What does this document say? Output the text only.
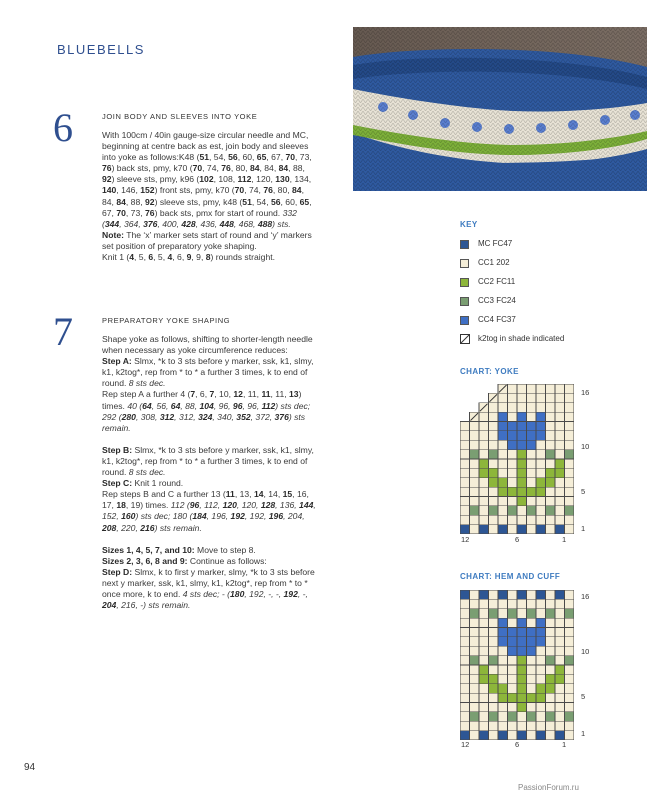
BLUEBELLS
6	JOIN BODY AND SLEEVES INTO YOKE

With 100cm / 40in gauge-size circular needle and MC, beginning at centre back as est, join body and sleeves into yoke as follows:K48 (51, 54, 56, 60, 65, 67, 70, 73, 76) back sts, pmy, k70 (70, 74, 76, 80, 84, 84, 84, 88, 92) sleeve sts, pmy, k96 (102, 108, 112, 120, 130, 134, 140, 146, 152) front sts, pmy, k70 (70, 74, 76, 80, 84, 84, 84, 88, 92) sleeve sts, pmy, k48 (51, 54, 56, 60, 65, 67, 70, 73, 76) back sts, pmx for start of round. 332 (344, 364, 376, 400, 428, 436, 448, 468, 488) sts.
Note: The ‘x’ marker sets start of round and ‘y’ markers set position of preparatory yoke shaping.
Knit 1 (4, 5, 6, 5, 4, 6, 9, 9, 8) rounds straight.

7	PREPARATORY YOKE SHAPING

Shape yoke as follows, shifting to shorter-length needle when necessary as yoke circumference reduces:
Step A: Slmx, *k to 3 sts before y marker, ssk, k1, slmy, k1, k2tog*, rep from * to * a further 3 times, k to end of round. 8 sts dec.
Rep step A a further 4 (7, 6, 7, 10, 12, 11, 11, 11, 13) times. 40 (64, 56, 64, 88, 104, 96, 96, 96, 112) sts dec; 292 (280, 308, 312, 312, 324, 340, 352, 372, 376) sts remain.

Step B: Slmx, *k to 3 sts before y marker, ssk, k1, slmy, k1, k2tog*, rep from * to * a further 3 times, k to end of round. 8 sts dec.
Step C: Knit 1 round.
Rep steps B and C a further 13 (11, 13, 14, 14, 15, 16, 17, 18, 19) times. 112 (96, 112, 120, 120, 128, 136, 144, 152, 160) sts dec; 180 (184, 196, 192, 192, 196, 204, 208, 220, 216) sts remain.

Sizes 1, 4, 5, 7, and 10: Move to step 8.
Sizes 2, 3, 6, 8 and 9: Continue as follows:
Step D: Slmx, k to first y marker, slmy, *k to 3 sts before next y marker, ssk, k1, slmy, k1, k2tog*, rep from * to * once more, k to end. 4 sts dec; - (180, 192, -, -, 192, -, 204, 216, -) sts remain.

KEY
MC FC47
CC1 202
CC2 FC11
CC3 FC24
CC4 FC37
k2tog in shade indicated
CHART: YOKE
16
10
5
1
12	6	1
CHART: HEM AND CUFF
16
10
5
1
12	6	1
94
PassionForum.ru
